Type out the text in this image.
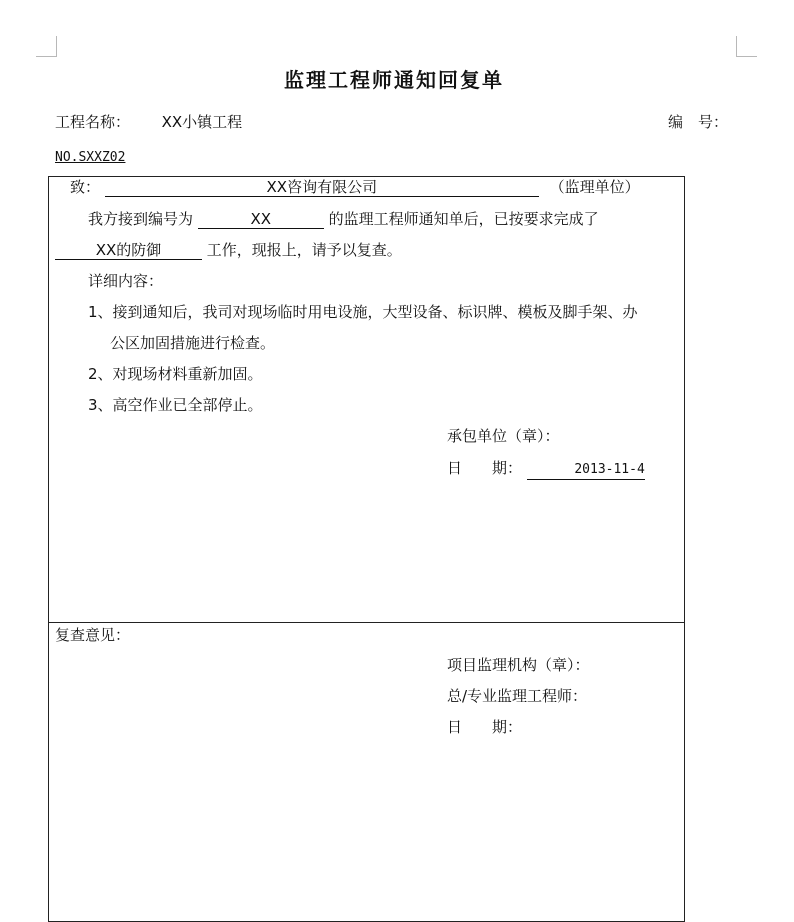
监理工程师通知回复单
工程名称： XX小镇工程	编　号：
NO.SXXZ02
致：	XX咨询有限公司	（监理单位）
我方接到编号为	XX	的监理工程师通知单后，已按要求完成了
XX的防御	工作，现报上，请予以复查。
详细内容：
1、接到通知后，我司对现场临时用电设施，大型设备、标识牌、模板及脚手架、办
公区加固措施进行检查。
2、对现场材料重新加固。
3、高空作业已全部停止。
承包单位（章）：
日　　期：	2013-11-4
复查意见：
项目监理机构（章）：
总/专业监理工程师：
日　　期：
